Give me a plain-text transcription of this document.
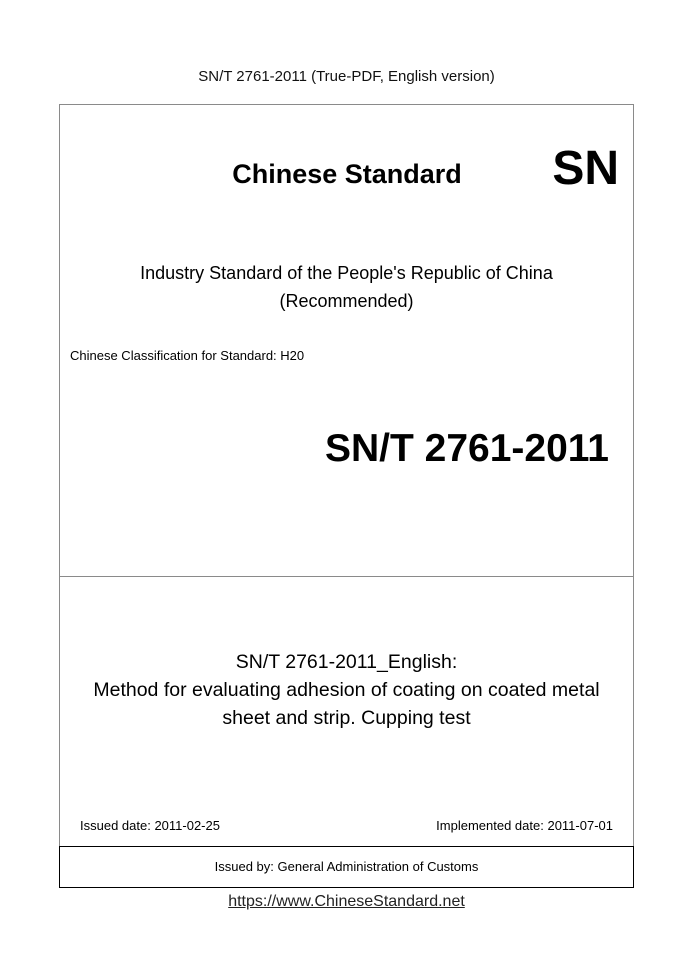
SN/T 2761-2011 (True-PDF, English version)
Chinese Standard	SN
Industry Standard of the People's Republic of China
(Recommended)
Chinese Classification for Standard: H20
SN/T 2761-2011
SN/T 2761-2011_English:
Method for evaluating adhesion of coating on coated metal
sheet and strip. Cupping test
Issued date: 2011-02-25	Implemented date: 2011-07-01
Issued by: General Administration of Customs
https://www.ChineseStandard.net
